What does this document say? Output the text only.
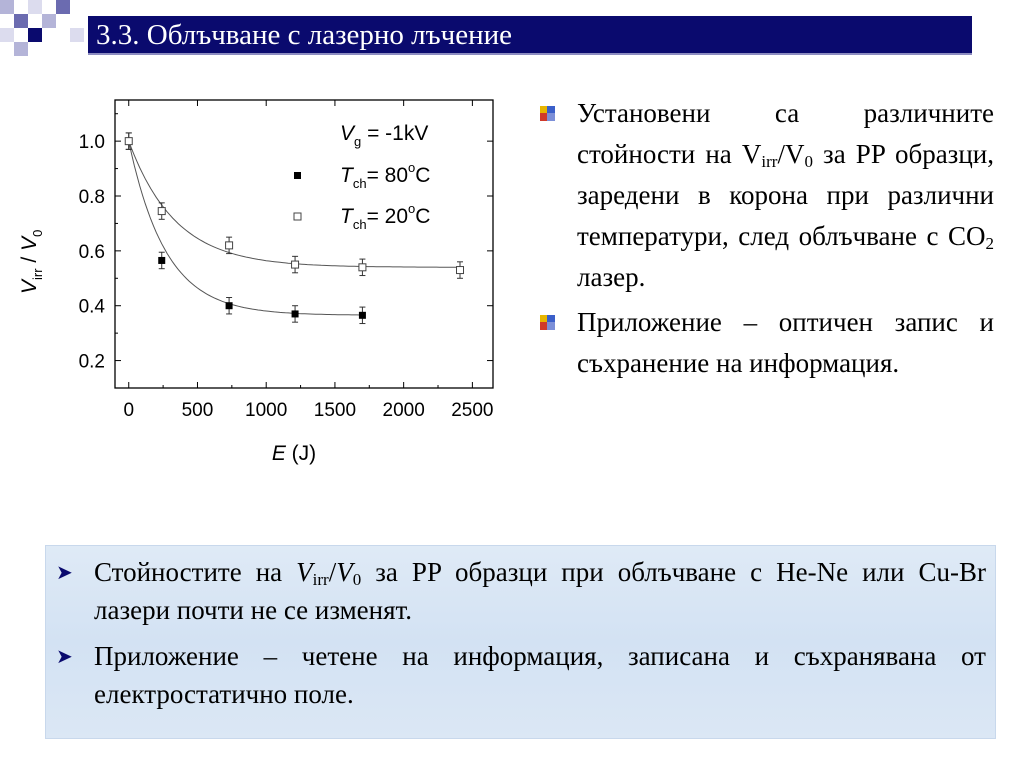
3.3. Облъчване с лазерно лъчение
0	500 1000 1500 2000 2500
0.2
0.4
0.6
0.8
1.0
E (J)
$V_{irr} / V_0$
$V_g = -1kV$
$T_{ch}= 80^oC$
$T_{ch}= 20^oC$
Установени са различните стойности на $V_{irr}/V_0$ за PP образци, заредени в корона при различни температури, след облъчване с $CO_2$ лазер.
Приложение – оптичен запис и съхранение на информация.
➤ Стойностите на $V_{irr}/V_0$ за PP образци при облъчване с He-Ne или Cu-Br лазери почти не се изменят.
➤ Приложение – четене на информация, записана и съхранявана от електростатично поле.
